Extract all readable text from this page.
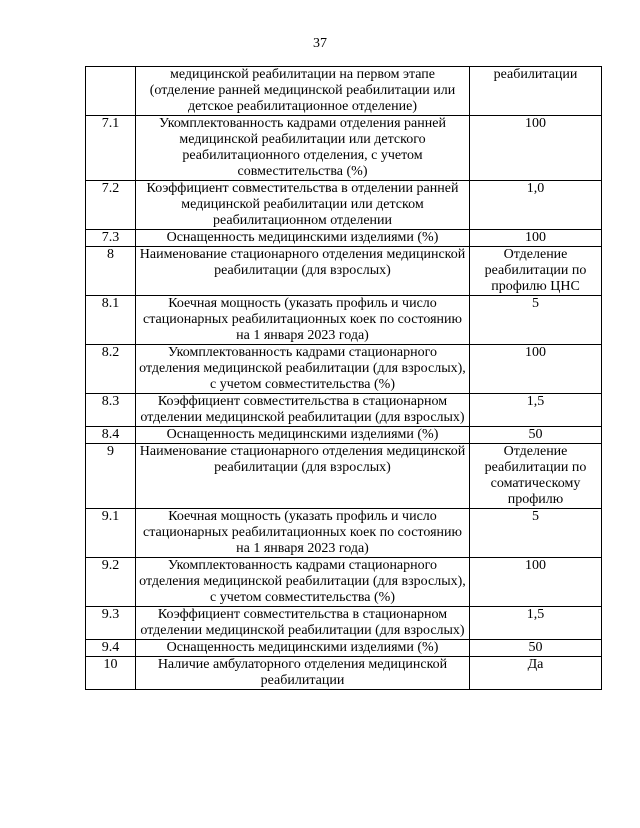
37
	медицинской реабилитации на первом этапе (отделение ранней медицинской реабилитации или детское реабилитационное отделение)	реабилитации
7.1	Укомплектованность кадрами отделения ранней медицинской реабилитации или детского реабилитационного отделения, с учетом совместительства (%)	100
7.2	Коэффициент совместительства в отделении ранней медицинской реабилитации или детском реабилитационном отделении	1,0
7.3	Оснащенность медицинскими изделиями (%)	100
8	Наименование стационарного отделения медицинской реабилитации (для взрослых)	Отделение реабилитации по профилю ЦНС
8.1	Коечная мощность (указать профиль и число стационарных реабилитационных коек по состоянию на 1 января 2023 года)	5
8.2	Укомплектованность кадрами стационарного отделения медицинской реабилитации (для взрослых), с учетом совместительства (%)	100
8.3	Коэффициент совместительства в стационарном отделении медицинской реабилитации (для взрослых)	1,5
8.4	Оснащенность медицинскими изделиями (%)	50
9	Наименование стационарного отделения медицинской реабилитации (для взрослых)	Отделение реабилитации по соматическому профилю
9.1	Коечная мощность (указать профиль и число стационарных реабилитационных коек по состоянию на 1 января 2023 года)	5
9.2	Укомплектованность кадрами стационарного отделения медицинской реабилитации (для взрослых), с учетом совместительства (%)	100
9.3	Коэффициент совместительства в стационарном отделении медицинской реабилитации (для взрослых)	1,5
9.4	Оснащенность медицинскими изделиями (%)	50
10	Наличие амбулаторного отделения медицинской реабилитации	Да
